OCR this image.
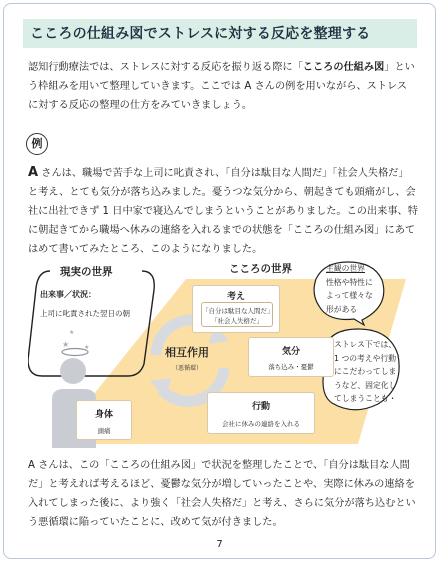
こころの仕組み図でストレスに対する反応を整理する
認知行動療法では、ストレスに対する反応を振り返る際に「こころの仕組み図」という枠組みを用いて整理していきます。ここでは A さんの例を用いながら、ストレスに対する反応の整理の仕方をみていきましょう。
例
A さんは、職場で苦手な上司に叱責され、「自分は駄目な人間だ」「社会人失格だ」と考え、とても気分が落ち込みました。憂うつな気分から、朝起きても頭痛がし、会社に出社できず 1 日中家で寝込んでしまうということがありました。この出来事、特に朝起きてから職場へ休みの連絡を入れるまでの状態を「こころの仕組み図」にあてはめて書いてみたところ、このようになりました。
★ ★
★
現実の世界	こころの世界
出来事／状況：
上司に叱責された翌日の朝
考え
「自分は駄目な人間だ」
「社会人失格だ」
気分
落ち込み・憂鬱
行動
会社に休みの連絡を入れる
身体
頭痛
相互作用
（悪循環）
主観の世界
性格や特性に
よって様々な
形がある
ストレス下では、
1 つの考えや行動
にこだわってしま
うなど、固定化し
てしまうことも・
A さんは、この「こころの仕組み図」で状況を整理したことで、「自分は駄目な人間だ」と考えれば考えるほど、憂鬱な気分が増していったことや、実際に休みの連絡を入れてしまった後に、より強く「社会人失格だ」と考え、さらに気分が落ち込むという悪循環に陥っていたことに、改めて気が付きました。
7
